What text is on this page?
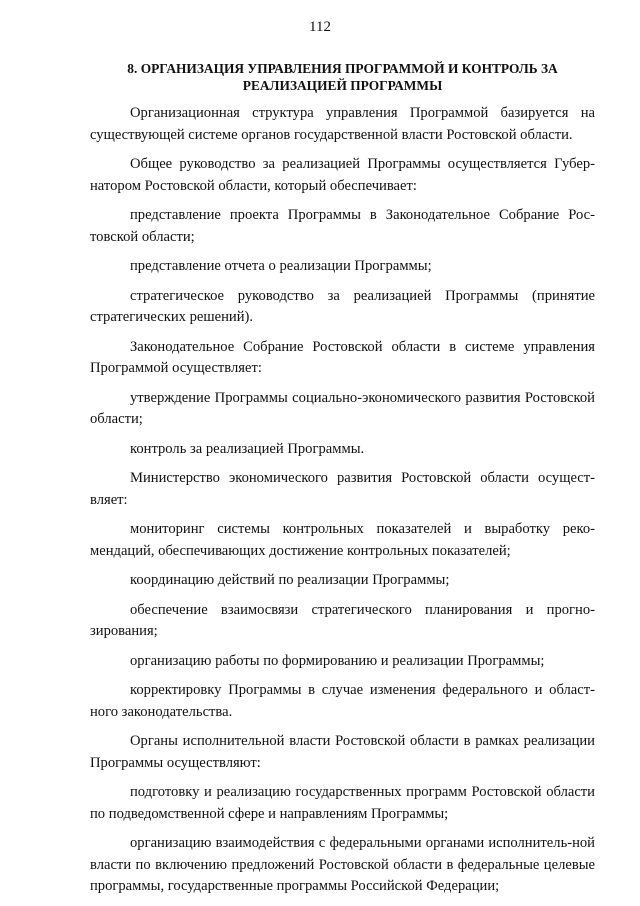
112
8. ОРГАНИЗАЦИЯ УПРАВЛЕНИЯ ПРОГРАММОЙ И КОНТРОЛЬ ЗА
РЕАЛИЗАЦИЕЙ ПРОГРАММЫ

Организационная структура управления Программой базируется на существующей системе органов государственной власти Ростовской области.

Общее руководство за реализацией Программы осуществляется Губер-натором Ростовской области, который обеспечивает:

представление проекта Программы в Законодательное Собрание Рос-товской области;

представление отчета о реализации Программы;

стратегическое руководство за реализацией Программы (принятие стратегических решений).

Законодательное Собрание Ростовской области в системе управления Программой осуществляет:

утверждение Программы социально-экономического развития Ростовской области;

контроль за реализацией Программы.

Министерство экономического развития Ростовской области осущест-вляет:

мониторинг системы контрольных показателей и выработку реко-мендаций, обеспечивающих достижение контрольных показателей;

координацию действий по реализации Программы;

обеспечение взаимосвязи стратегического планирования и прогно-зирования;

организацию работы по формированию и реализации Программы;

корректировку Программы в случае изменения федерального и област-ного законодательства.

Органы исполнительной власти Ростовской области в рамках реализации Программы осуществляют:

подготовку и реализацию государственных программ Ростовской области по подведомственной сфере и направлениям Программы;

организацию взаимодействия с федеральными органами исполнитель-ной власти по включению предложений Ростовской области в федеральные целевые программы, государственные программы Российской Федерации;
